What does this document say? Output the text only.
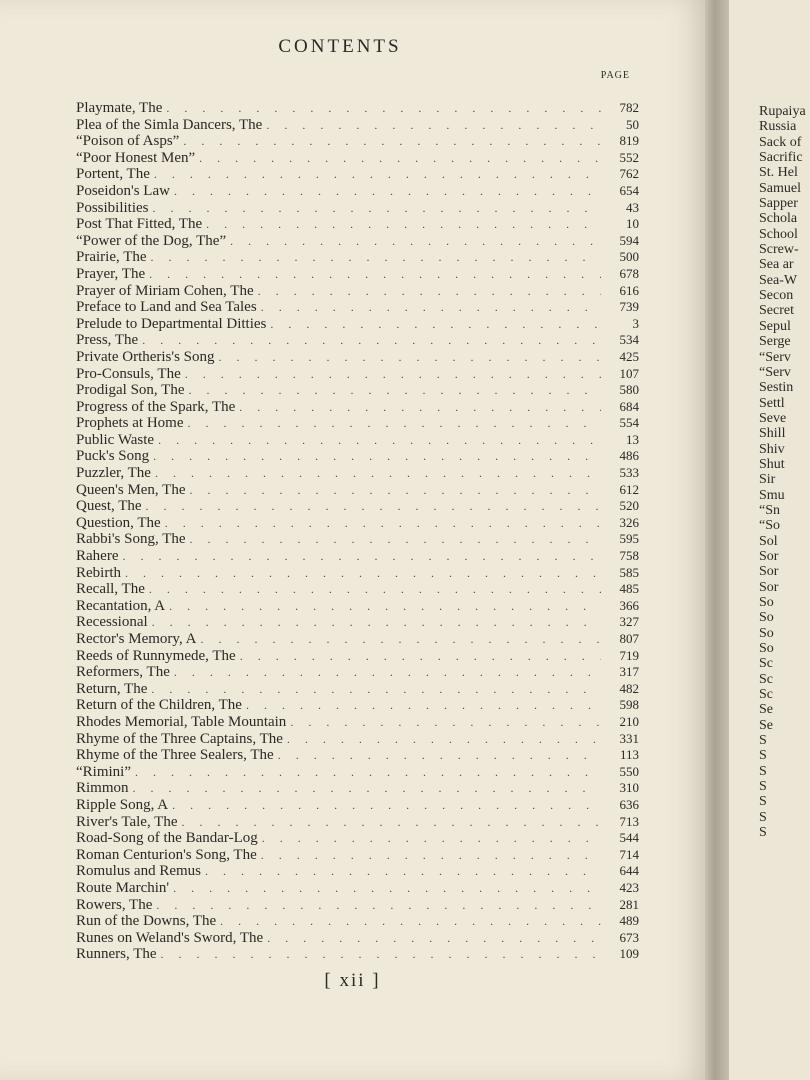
CONTENTS
PAGE
Playmate, The . . .	782
Plea of the Simla Dancers, The . . .	50
“Poison of Asps” . . .	819
“Poor Honest Men” . . .	552
Portent, The . . .	762
Poseidon's Law . . .	654
Possibilities . . .	43
Post That Fitted, The . . .	10
“Power of the Dog, The” . . .	594
Prairie, The . . .	500
Prayer, The . . .	678
Prayer of Miriam Cohen, The . . .	616
Preface to Land and Sea Tales . . .	739
Prelude to Departmental Ditties . . .	3
Press, The . . .	534
Private Ortheris's Song . . .	425
Pro-Consuls, The . . .	107
Prodigal Son, The . . .	580
Progress of the Spark, The . . .	684
Prophets at Home . . .	554
Public Waste . . .	13
Puck's Song . . .	486
Puzzler, The . . .	533
Queen's Men, The . . .	612
Quest, The . . .	520
Question, The . . .	326
Rabbi's Song, The . . .	595
Rahere . . .	758
Rebirth . . .	585
Recall, The . . .	485
Recantation, A . . .	366
Recessional . . .	327
Rector's Memory, A . . .	807
Reeds of Runnymede, The . . .	719
Reformers, The . . .	317
Return, The . . .	482
Return of the Children, The . . .	598
Rhodes Memorial, Table Mountain . . .	210
Rhyme of the Three Captains, The . . .	331
Rhyme of the Three Sealers, The . . .	113
“Rimini” . . .	550
Rimmon . . .	310
Ripple Song, A . . .	636
River's Tale, The . . .	713
Road-Song of the Bandar-Log . . .	544
Roman Centurion's Song, The . . .	714
Romulus and Remus . . .	644
Route Marchin' . . .	423
Rowers, The . . .	281
Run of the Downs, The . . .	489
Runes on Weland's Sword, The . . .	673
Runners, The . . .	109
[ xii ]
Rupaiya
Russia
Sack of
Sacrific
St. Hel
Samuel
Sapper
Schola
School
Screw-
Sea ar
Sea-W
Secon
Secret
Sepul
Serge
“Serv
“Serv
Sestin
Settl
Seve
Shill
Shiv
Shut
Sir
Smu
“Sn
“So
Sol
Sor
Sor
Sor
So
So
So
So
Sc
Sc
Sc
Se
Se
S
S
S
S
S
S
S
